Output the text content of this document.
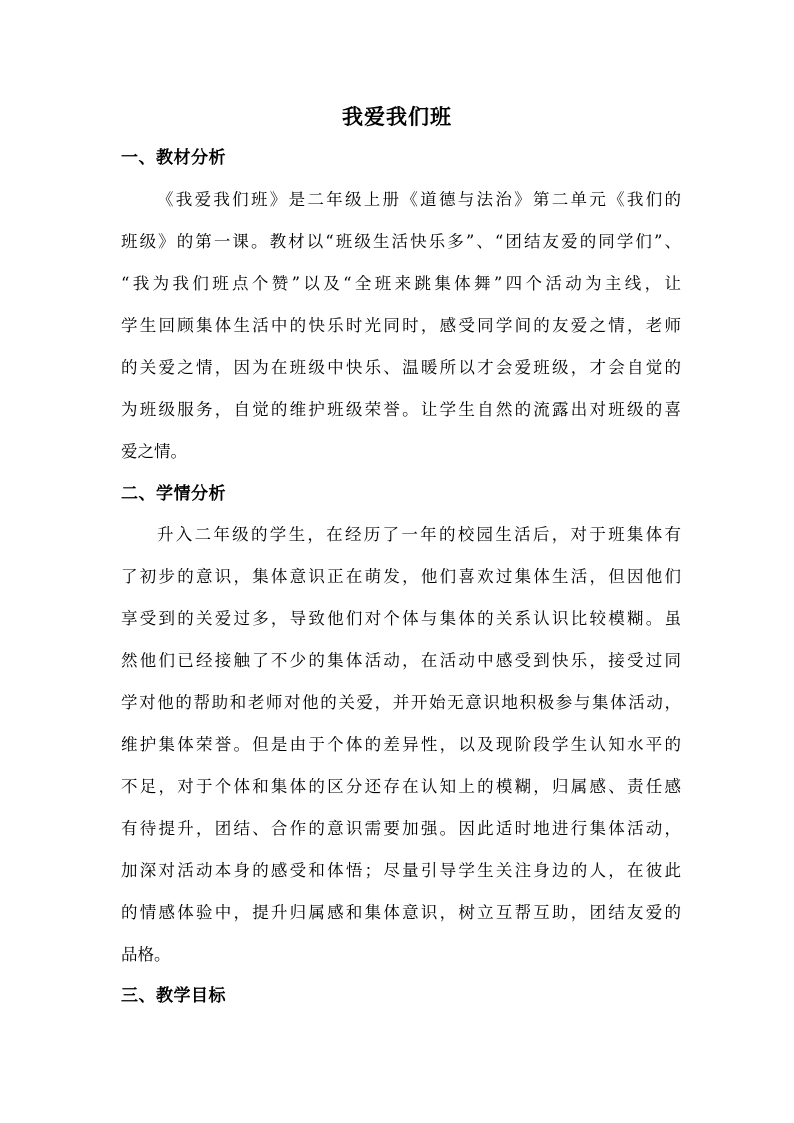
我爱我们班
一、教材分析
《我爱我们班》是二年级上册《道德与法治》第二单元《我们的
班级》的第一课。教材以“班级生活快乐多”、“团结友爱的同学们”、
“我为我们班点个赞”以及“全班来跳集体舞”四个活动为主线，让
学生回顾集体生活中的快乐时光同时，感受同学间的友爱之情，老师
的关爱之情，因为在班级中快乐、温暖所以才会爱班级，才会自觉的
为班级服务，自觉的维护班级荣誉。让学生自然的流露出对班级的喜
爱之情。
二、学情分析
升入二年级的学生，在经历了一年的校园生活后，对于班集体有
了初步的意识，集体意识正在萌发，他们喜欢过集体生活，但因他们
享受到的关爱过多，导致他们对个体与集体的关系认识比较模糊。虽
然他们已经接触了不少的集体活动，在活动中感受到快乐，接受过同
学对他的帮助和老师对他的关爱，并开始无意识地积极参与集体活动，
维护集体荣誉。但是由于个体的差异性，以及现阶段学生认知水平的
不足，对于个体和集体的区分还存在认知上的模糊，归属感、责任感
有待提升，团结、合作的意识需要加强。因此适时地进行集体活动，
加深对活动本身的感受和体悟；尽量引导学生关注身边的人，在彼此
的情感体验中，提升归属感和集体意识，树立互帮互助，团结友爱的
品格。
三、教学目标
